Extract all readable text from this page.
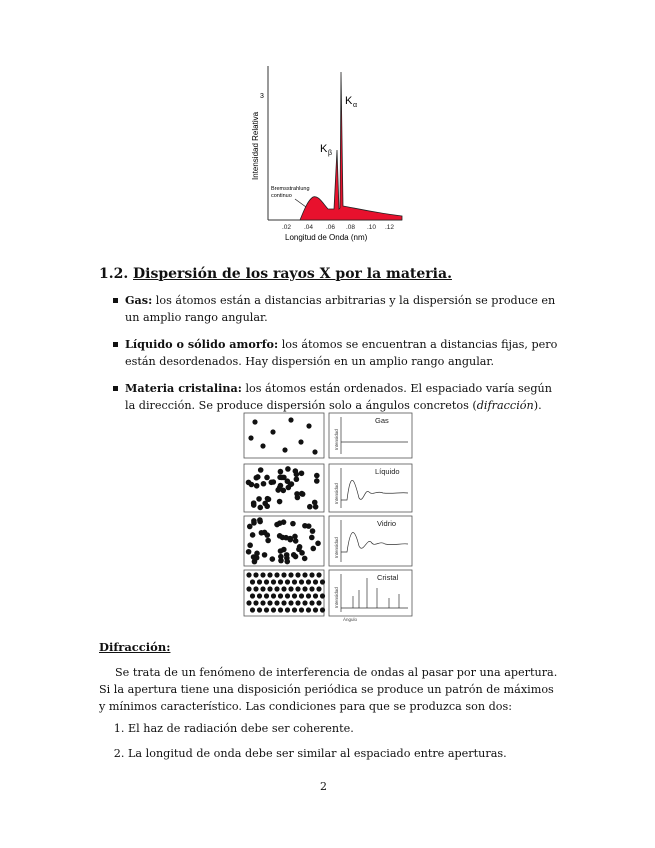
.02 .04 .06 .08 .10 .12
3
Longitud de Onda (nm)
Intensidad Relativa
K α
K β
Bremsstrahlung
continuo
1.2. Dispersión de los rayos X por la materia.
Gas: los átomos están a distancias arbitrarias y la dispersión se produce en un amplio rango angular.
Líquido o sólido amorfo: los átomos se encuentran a distancias fijas, pero están desordenados. Hay dispersión en un amplio rango angular.
Materia cristalina: los átomos están ordenados. El espaciado varía según la dirección. Se produce dispersión solo a ángulos concretos (difracción).
Gas
Líquido
Vidrio
Cristal
Intensidad
Intensidad
Intensidad
Intensidad
Ángulo
Difracción:
Se trata de un fenómeno de interferencia de ondas al pasar por una apertura. Si la apertura tiene una disposición periódica se produce un patrón de máximos y mínimos característico. Las condiciones para que se produzca son dos:
1. El haz de radiación debe ser coherente.
2. La longitud de onda debe ser similar al espaciado entre aperturas.
2
